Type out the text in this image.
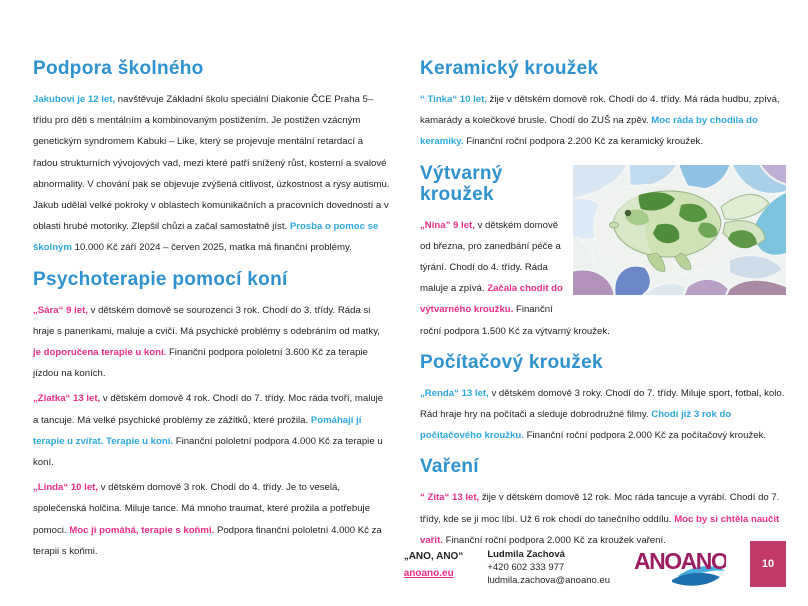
Podpora školného

Jakubovi je 12 let, navštěvuje Základní školu speciální Diakonie ČCE Praha 5– třídu pro děti s mentálním a kombinovaným postižením. Je postižen vzácným genetickým syndromem Kabuki – Like, který se projevuje mentální retardací a řadou strukturních vývojových vad, mezi které patří snížený růst, kosterní a svalové abnormality. V chování pak se objevuje zvýšená citlivost, úzkostnost a rysy autismu. Jakub udělal velké pokroky v oblastech komunikačních a pracovních dovedností a v oblasti hrubé motoriky. Zlepšil chůzi a začal samostatně jíst. Prosba o pomoc se školným 10.000 Kč září 2024 – červen 2025, matka má finanční problémy.

Psychoterapie pomocí koní

„Sára“ 9 let, v dětském domově se sourozenci 3 rok. Chodí do 3. třídy. Ráda si hraje s panenkami, maluje a cvičí. Má psychické problémy s odebráním od matky, je doporučena terapie u koní. Finanční podpora pololetní 3.600 Kč za terapie jízdou na koních.

„Zlatka“ 13 let, v dětském domově 4 rok. Chodí do 7. třídy. Moc ráda tvoří, maluje a tancuje. Má velké psychické problémy ze zážitků, které prožila. Pomáhají jí terapie u zvířat. Terapie u koní. Finanční pololetní podpora 4.000 Kč za terapie u koní.

„Linda“ 10 let, v dětském domově 3 rok. Chodí do 4. třídy. Je to veselá, společenská holčina. Miluje tance. Má mnoho traumat, které prožila a potřebuje pomoci. Moc ji pomáhá, terapie s koňmi. Podpora finanční pololetní 4.000 Kč za terapii s koňmi.

Keramický kroužek

“ Tinka“ 10 let, žije v dětském domově rok. Chodí do 4. třídy. Má ráda hudbu, zpívá, kamarády a kolečkové brusle. Chodí do ZUŠ na zpěv. Moc ráda by chodila do keramiky. Finanční roční podpora 2.200 Kč za keramický kroužek.

Výtvarný kroužek

„Nina” 9 let, v dětském domově od března, pro zanedbání péče a týrání. Chodí do 4. třídy. Ráda maluje a zpívá. Začala chodit do výtvarného kroužku. Finanční roční podpora 1.500 Kč za výtvarný kroužek.

Počítačový kroužek

„Renda“ 13 let, v dětském domově 3 roky. Chodí do 7. třídy. Miluje sport, fotbal, kolo. Rád hraje hry na počítači a sleduje dobrodružné filmy. Chodí již 3 rok do počítačového kroužku. Finanční roční podpora 2.000 Kč za počítačový kroužek.

Vaření

“ Zita“ 13 let, žije v dětském domově 12 rok. Moc ráda tancuje a vyrábí. Chodí do 7. třídy, kde se ji moc líbí. Už 6 rok chodí do tanečního oddílu. Moc by si chtěla naučit vařit. Finanční roční podpora 2.000 Kč za kroužek vaření.

„ANO, ANO“
anoano.eu
Ludmila Zachová
+420 602 333 977
ludmila.zachova@anoano.eu
ANOANO	10
